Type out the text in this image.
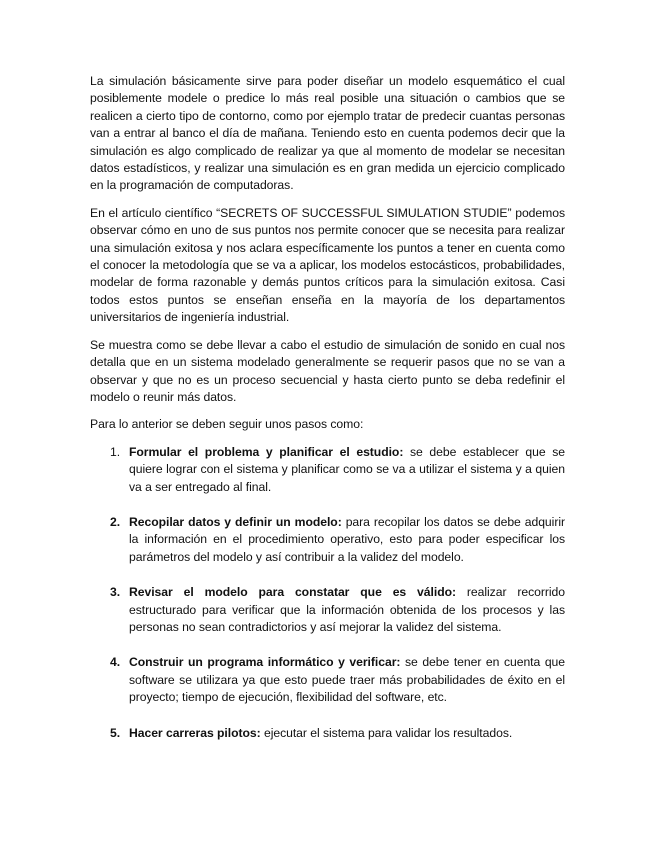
La simulación básicamente sirve para poder diseñar un modelo esquemático el cual posiblemente modele o predice lo más real posible una situación o cambios que se realicen a cierto tipo de contorno, como por ejemplo tratar de predecir cuantas personas van a entrar al banco el día de mañana. Teniendo esto en cuenta podemos decir que la simulación es algo complicado de realizar ya que al momento de modelar se necesitan datos estadísticos, y realizar una simulación es en gran medida un ejercicio complicado en la programación de computadoras.

En el artículo científico “SECRETS OF SUCCESSFUL SIMULATION STUDIE” podemos observar cómo en uno de sus puntos nos permite conocer que se necesita para realizar una simulación exitosa y nos aclara específicamente los puntos a tener en cuenta como el conocer la metodología que se va a aplicar, los modelos estocásticos, probabilidades, modelar de forma razonable y demás puntos críticos para la simulación exitosa. Casi todos estos puntos se enseñan enseña en la mayoría de los departamentos universitarios de ingeniería industrial.

Se muestra como se debe llevar a cabo el estudio de simulación de sonido en cual nos detalla que en un sistema modelado generalmente se requerir pasos que no se van a observar y que no es un proceso secuencial y hasta cierto punto se deba redefinir el modelo o reunir más datos.

Para lo anterior se deben seguir unos pasos como:

1. Formular el problema y planificar el estudio: se debe establecer que se quiere lograr con el sistema y planificar como se va a utilizar el sistema y a quien va a ser entregado al final.
2. Recopilar datos y definir un modelo: para recopilar los datos se debe adquirir la información en el procedimiento operativo, esto para poder especificar los parámetros del modelo y así contribuir a la validez del modelo.
3. Revisar el modelo para constatar que es válido: realizar recorrido estructurado para verificar que la información obtenida de los procesos y las personas no sean contradictorios y así mejorar la validez del sistema.
4. Construir un programa informático y verificar: se debe tener en cuenta que software se utilizara ya que esto puede traer más probabilidades de éxito en el proyecto; tiempo de ejecución, flexibilidad del software, etc.
5. Hacer carreras pilotos: ejecutar el sistema para validar los resultados.
